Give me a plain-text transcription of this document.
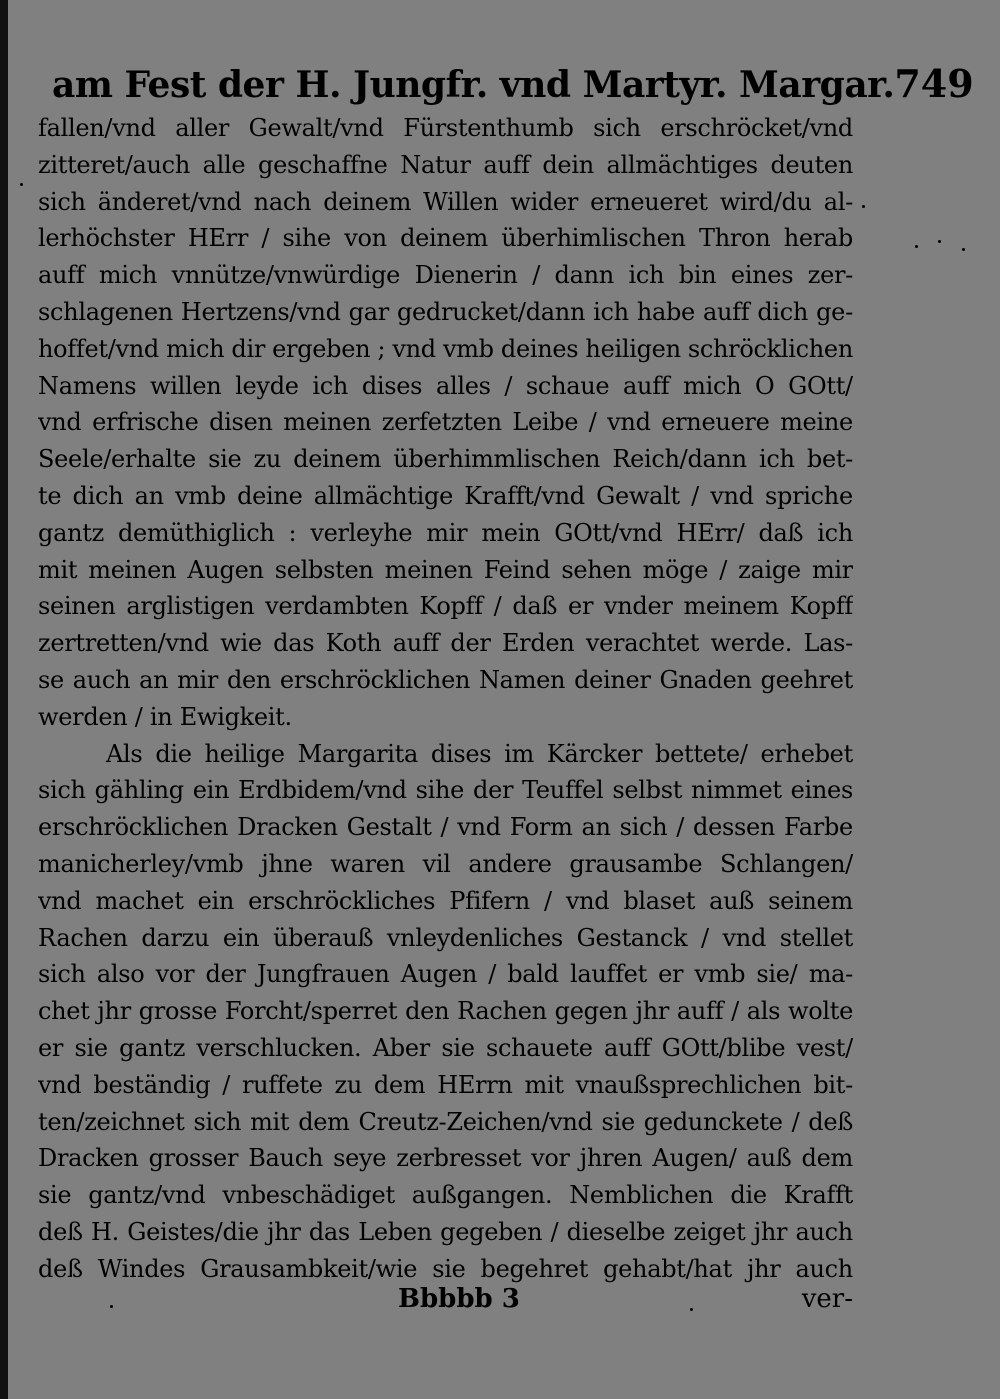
am Fest der H. Jungfr. vnd Martyr. Margar. 749
fallen/vnd aller Gewalt/vnd Fürstenthumb sich erschröcket/vnd
zitteret/auch alle geschaffne Natur auff dein allmächtiges deuten
sich änderet/vnd nach deinem Willen wider erneueret wird/du al-
lerhöchster HErr / sihe von deinem überhimlischen Thron herab
auff mich vnnütze/vnwürdige Dienerin / dann ich bin eines zer-
schlagenen Hertzens/vnd gar gedrucket/dann ich habe auff dich ge-
hoffet/vnd mich dir ergeben ; vnd vmb deines heiligen schröcklichen
Namens willen leyde ich dises alles / schaue auff mich O GOtt/
vnd erfrische disen meinen zerfetzten Leibe / vnd erneuere meine
Seele/erhalte sie zu deinem überhimmlischen Reich/dann ich bet-
te dich an vmb deine allmächtige Krafft/vnd Gewalt / vnd spriche
gantz demüthiglich : verleyhe mir mein GOtt/vnd HErr/ daß ich
mit meinen Augen selbsten meinen Feind sehen möge / zaige mir
seinen arglistigen verdambten Kopff / daß er vnder meinem Kopff
zertretten/vnd wie das Koth auff der Erden verachtet werde. Las-
se auch an mir den erschröcklichen Namen deiner Gnaden geehret
werden / in Ewigkeit.
Als die heilige Margarita dises im Kärcker bettete/ erhebet
sich gähling ein Erdbidem/vnd sihe der Teuffel selbst nimmet eines
erschröcklichen Dracken Gestalt / vnd Form an sich / dessen Farbe
manicherley/vmb jhne waren vil andere grausambe Schlangen/
vnd machet ein erschröckliches Pfifern / vnd blaset auß seinem
Rachen darzu ein überauß vnleydenliches Gestanck / vnd stellet
sich also vor der Jungfrauen Augen / bald lauffet er vmb sie/ ma-
chet jhr grosse Forcht/sperret den Rachen gegen jhr auff / als wolte
er sie gantz verschlucken. Aber sie schauete auff GOtt/blibe vest/
vnd beständig / ruffete zu dem HErrn mit vnaußsprechlichen bit-
ten/zeichnet sich mit dem Creutz-Zeichen/vnd sie gedunckete / deß
Dracken grosser Bauch seye zerbresset vor jhren Augen/ auß dem
sie gantz/vnd vnbeschädiget außgangen. Nemblichen die Krafft
deß H. Geistes/die jhr das Leben gegeben / dieselbe zeiget jhr auch
deß Windes Grausambkeit/wie sie begehret gehabt/hat jhr auch
Bbbbb 3	ver-
